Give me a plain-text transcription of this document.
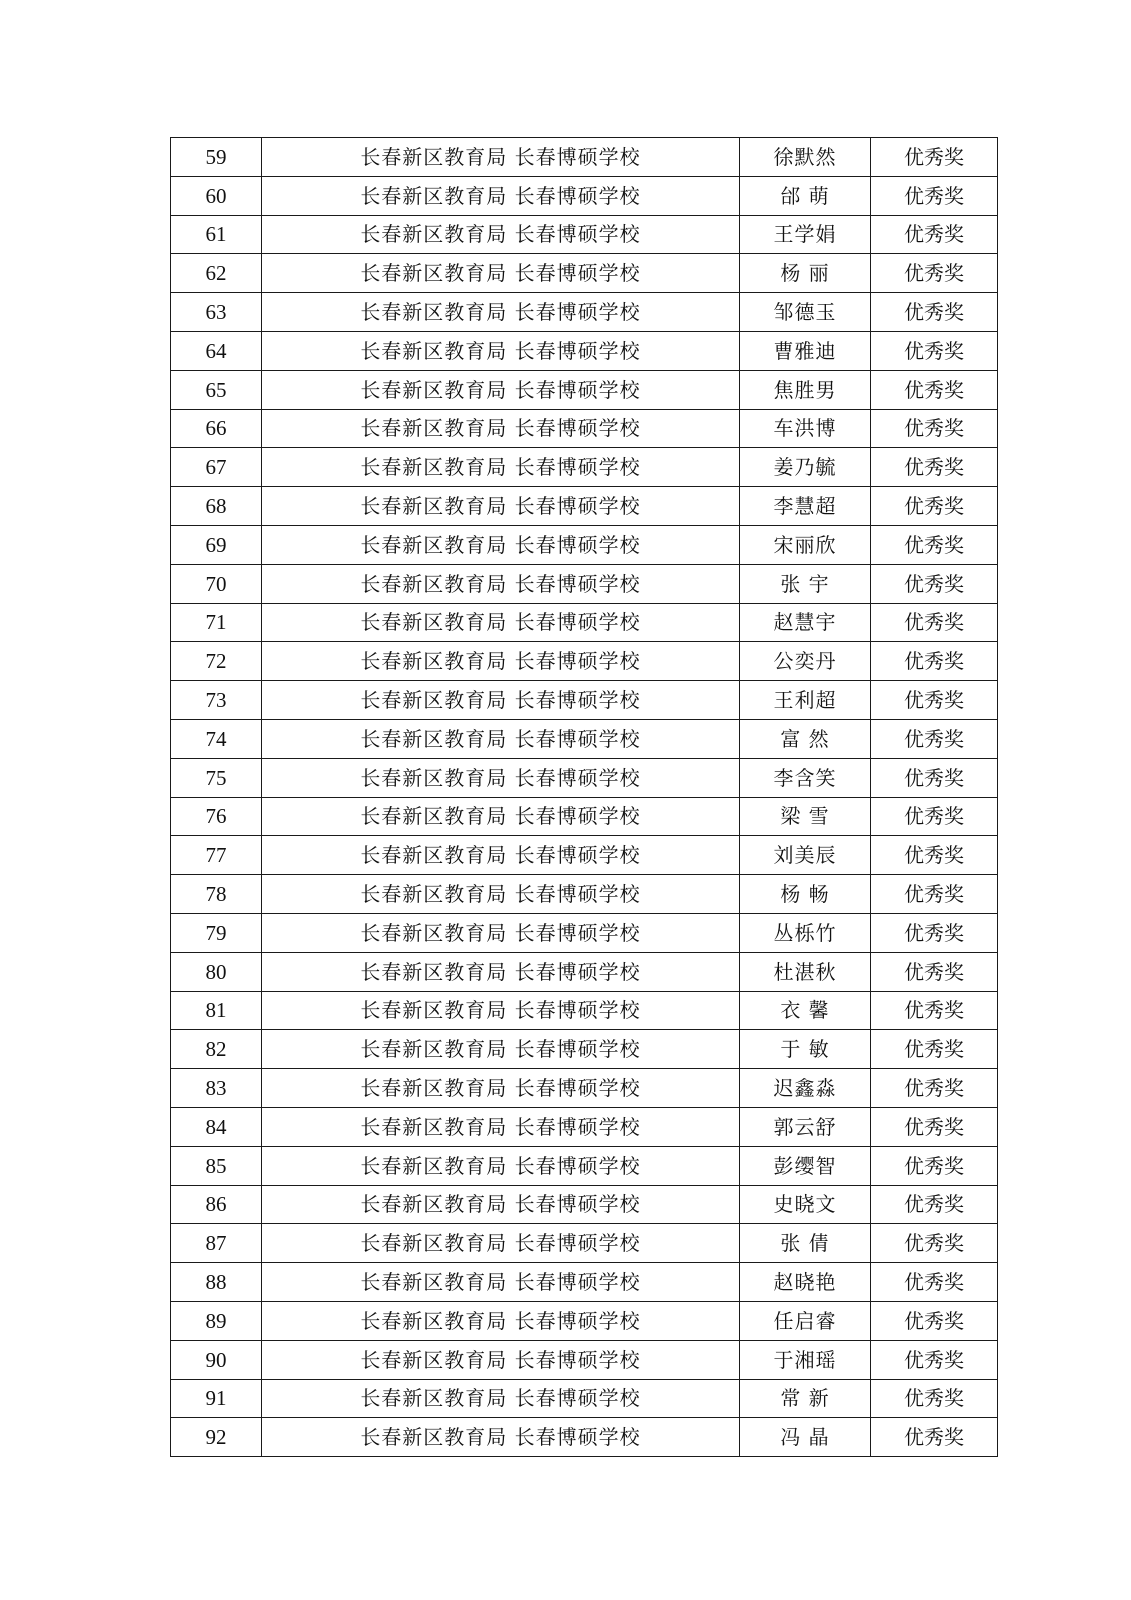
59	长春新区教育局 长春博硕学校	徐默然	优秀奖
60	长春新区教育局 长春博硕学校	邰 萌	优秀奖
61	长春新区教育局 长春博硕学校	王学娟	优秀奖
62	长春新区教育局 长春博硕学校	杨 丽	优秀奖
63	长春新区教育局 长春博硕学校	邹德玉	优秀奖
64	长春新区教育局 长春博硕学校	曹雅迪	优秀奖
65	长春新区教育局 长春博硕学校	焦胜男	优秀奖
66	长春新区教育局 长春博硕学校	车洪博	优秀奖
67	长春新区教育局 长春博硕学校	姜乃毓	优秀奖
68	长春新区教育局 长春博硕学校	李慧超	优秀奖
69	长春新区教育局 长春博硕学校	宋丽欣	优秀奖
70	长春新区教育局 长春博硕学校	张 宇	优秀奖
71	长春新区教育局 长春博硕学校	赵慧宇	优秀奖
72	长春新区教育局 长春博硕学校	公奕丹	优秀奖
73	长春新区教育局 长春博硕学校	王利超	优秀奖
74	长春新区教育局 长春博硕学校	富 然	优秀奖
75	长春新区教育局 长春博硕学校	李含笑	优秀奖
76	长春新区教育局 长春博硕学校	梁 雪	优秀奖
77	长春新区教育局 长春博硕学校	刘美辰	优秀奖
78	长春新区教育局 长春博硕学校	杨 畅	优秀奖
79	长春新区教育局 长春博硕学校	丛栎竹	优秀奖
80	长春新区教育局 长春博硕学校	杜湛秋	优秀奖
81	长春新区教育局 长春博硕学校	衣 馨	优秀奖
82	长春新区教育局 长春博硕学校	于 敏	优秀奖
83	长春新区教育局 长春博硕学校	迟鑫淼	优秀奖
84	长春新区教育局 长春博硕学校	郭云舒	优秀奖
85	长春新区教育局 长春博硕学校	彭缨智	优秀奖
86	长春新区教育局 长春博硕学校	史晓文	优秀奖
87	长春新区教育局 长春博硕学校	张 倩	优秀奖
88	长春新区教育局 长春博硕学校	赵晓艳	优秀奖
89	长春新区教育局 长春博硕学校	任启睿	优秀奖
90	长春新区教育局 长春博硕学校	于湘瑶	优秀奖
91	长春新区教育局 长春博硕学校	常 新	优秀奖
92	长春新区教育局 长春博硕学校	冯 晶	优秀奖
